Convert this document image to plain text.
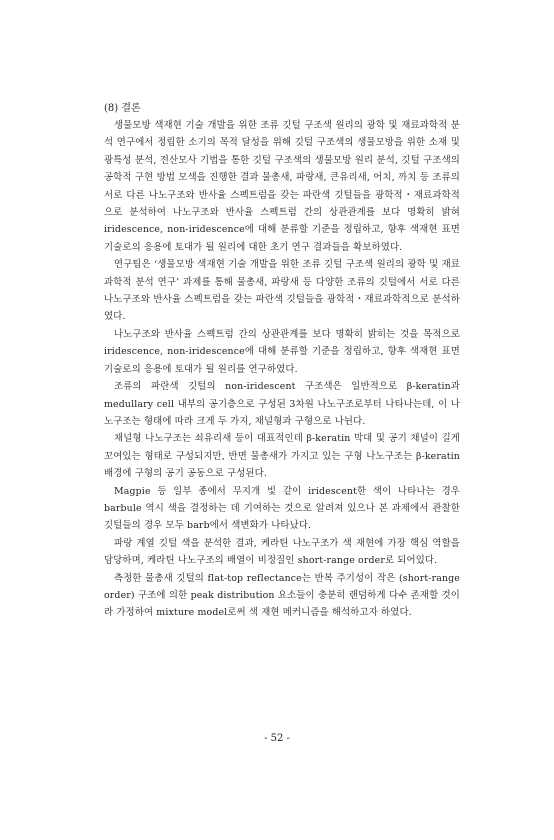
(8) 결론

생물모방 색재현 기술 개발을 위한 조류 깃털 구조색 원리의 광학 및 재료과학적 분석 연구에서 정립한 소기의 목적 달성을 위해 깃털 구조색의 생물모방을 위한 소재 및 광특성 분석, 전산모사 기법을 통한 깃털 구조색의 생물모방 원리 분석, 깃털 구조색의 공학적 구현 방법 모색을 진행한 결과 물총새, 파랑새, 큰유리새, 어치, 까치 등 조류의 서로 다른 나노구조와 반사율 스펙트럼을 갖는 파란색 깃털들을 광학적・재료과학적으로 분석하여 나노구조와 반사율 스펙트럼 간의 상관관계를 보다 명확히 밝혀 iridescence, non-iridescence에 대해 분류할 기준을 정립하고, 향후 색재현 표면 기술로의 응용에 토대가 될 원리에 대한 초기 연구 결과들을 확보하였다.

연구팀은 ‘생물모방 색재현 기술 개발을 위한 조류 깃털 구조색 원리의 광학 및 재료과학적 분석 연구’ 과제를 통해 물총새, 파랑새 등 다양한 조류의 깃털에서 서로 다른 나노구조와 반사율 스펙트럼을 갖는 파란색 깃털들을 광학적・재료과학적으로 분석하였다.

나노구조와 반사율 스펙트럼 간의 상관관계를 보다 명확히 밝히는 것을 목적으로 iridescence, non-iridescence에 대해 분류할 기준을 정립하고, 향후 색재현 표면 기술로의 응용에 토대가 될 원리를 연구하였다.

조류의 파란색 깃털의 non-iridescent 구조색은 일반적으로 β-keratin과 medullary cell 내부의 공기층으로 구성된 3차원 나노구조로부터 나타나는데, 이 나노구조는 형태에 따라 크게 두 가지, 채널형과 구형으로 나뉜다.

채널형 나노구조는 쇠유리새 등이 대표적인데 β-keratin 막대 및 공기 채널이 길게 꼬여있는 형태로 구성되지만, 반면 물총새가 가지고 있는 구형 나노구조는 β-keratin 배경에 구형의 공기 공동으로 구성된다.

Magpie 등 일부 종에서 무지개 빛 같이 iridescent한 색이 나타나는 경우 barbule 역시 색을 결정하는 데 기여하는 것으로 알려져 있으나 본 과제에서 관찰한 깃털들의 경우 모두 barb에서 색변화가 나타났다.

파랑 계열 깃털 색을 분석한 결과, 케라틴 나노구조가 색 재현에 가장 핵심 역할을 담당하며, 케라틴 나노구조의 배열이 비정질인 short-range order로 되어있다.

측정한 물총새 깃털의 flat-top reflectance는 반복 주기성이 작은 (short-range order) 구조에 의한 peak distribution 요소들이 충분히 랜덤하게 다수 존재할 것이라 가정하여 mixture model로써 색 재현 메커니즘을 해석하고자 하였다.

- 52 -
